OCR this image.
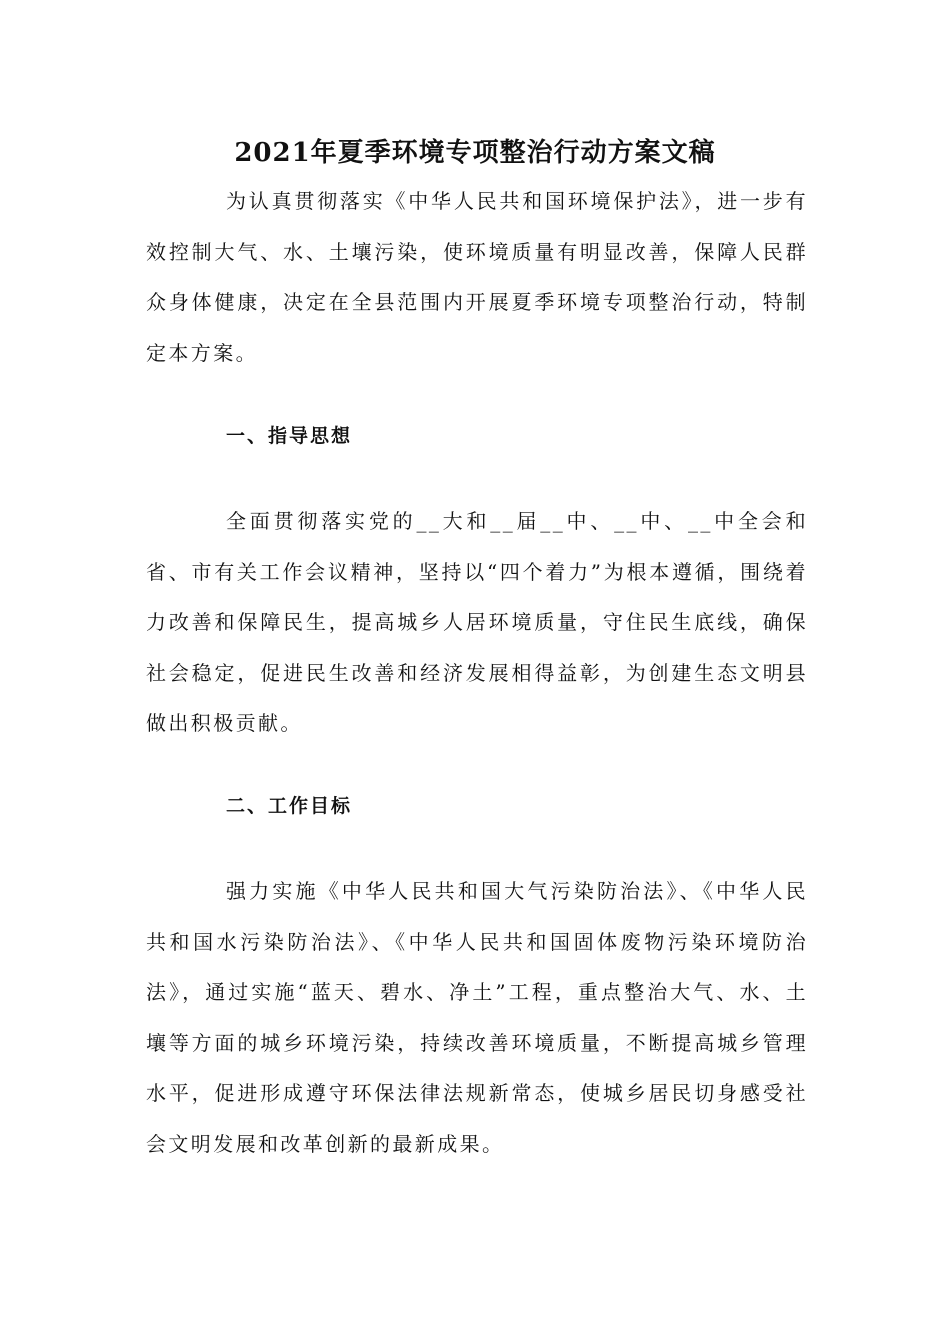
2021年夏季环境专项整治行动方案文稿

为认真贯彻落实《中华人民共和国环境保护法》，进一步有效控制大气、水、土壤污染，使环境质量有明显改善，保障人民群众身体健康，决定在全县范围内开展夏季环境专项整治行动，特制定本方案。

一、指导思想

全面贯彻落实党的__大和__届__中、__中、__中全会和省、市有关工作会议精神，坚持以“四个着力”为根本遵循，围绕着力改善和保障民生，提高城乡人居环境质量，守住民生底线，确保社会稳定，促进民生改善和经济发展相得益彰，为创建生态文明县做出积极贡献。

二、工作目标

强力实施《中华人民共和国大气污染防治法》、《中华人民共和国水污染防治法》、《中华人民共和国固体废物污染环境防治法》，通过实施“蓝天、碧水、净土”工程，重点整治大气、水、土壤等方面的城乡环境污染，持续改善环境质量，不断提高城乡管理水平，促进形成遵守环保法律法规新常态，使城乡居民切身感受社会文明发展和改革创新的最新成果。
